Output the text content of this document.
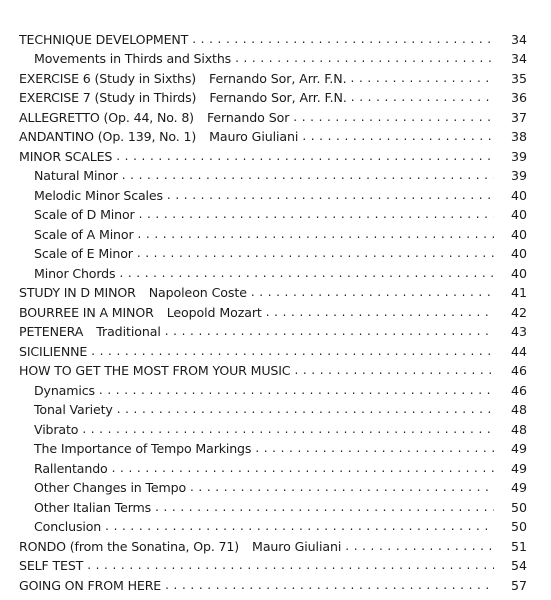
TECHNIQUE DEVELOPMENT . . .	34
Movements in Thirds and Sixths . . .	34
EXERCISE 6 (Study in Sixths) Fernando Sor, Arr. F.N. . . .	35
EXERCISE 7 (Study in Thirds) Fernando Sor, Arr. F.N. . . .	36
ALLEGRETTO (Op. 44, No. 8) Fernando Sor . . .	37
ANDANTINO (Op. 139, No. 1) Mauro Giuliani . . .	38
MINOR SCALES . . .	39
Natural Minor . . .	39
Melodic Minor Scales . . .	40
Scale of D Minor . . .	40
Scale of A Minor . . .	40
Scale of E Minor . . .	40
Minor Chords . . .	40
STUDY IN D MINOR Napoleon Coste . . .	41
BOURREE IN A MINOR Leopold Mozart . . .	42
PETENERA Traditional . . .	43
SICILIENNE . . .	44
HOW TO GET THE MOST FROM YOUR MUSIC . . .	46
Dynamics . . .	46
Tonal Variety . . .	48
Vibrato . . .	48
The Importance of Tempo Markings . . .	49
Rallentando . . .	49
Other Changes in Tempo . . .	49
Other Italian Terms . . .	50
Conclusion . . .	50
RONDO (from the Sonatina, Op. 71) Mauro Giuliani . . .	51
SELF TEST . . .	54
GOING ON FROM HERE . . .	57
